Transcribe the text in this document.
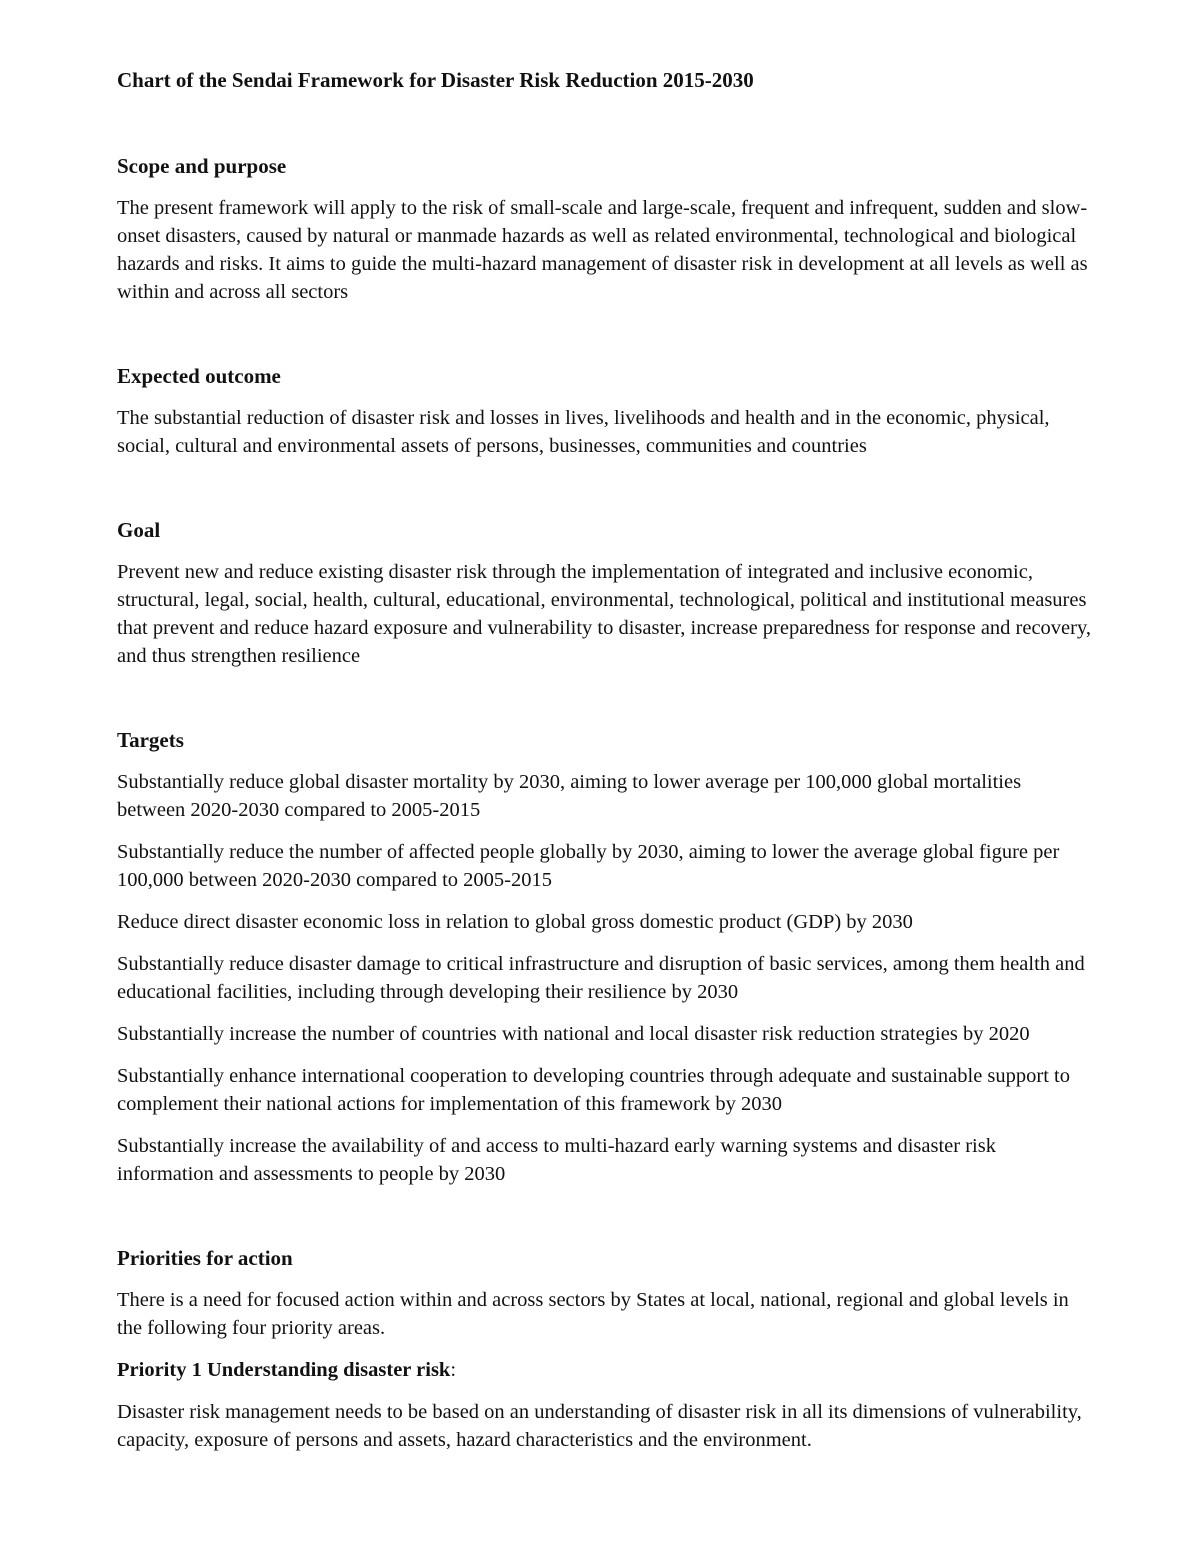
Chart of the Sendai Framework for Disaster Risk Reduction 2015-2030

Scope and purpose

The present framework will apply to the risk of small-scale and large-scale, frequent and infrequent, sudden and slow-onset disasters, caused by natural or manmade hazards as well as related environmental, technological and biological hazards and risks. It aims to guide the multi-hazard management of disaster risk in development at all levels as well as within and across all sectors

Expected outcome

The substantial reduction of disaster risk and losses in lives, livelihoods and health and in the economic, physical, social, cultural and environmental assets of persons, businesses, communities and countries

Goal

Prevent new and reduce existing disaster risk through the implementation of integrated and inclusive economic, structural, legal, social, health, cultural, educational, environmental, technological, political and institutional measures that prevent and reduce hazard exposure and vulnerability to disaster, increase preparedness for response and recovery, and thus strengthen resilience

Targets

Substantially reduce global disaster mortality by 2030, aiming to lower average per 100,000 global mortalities between 2020-2030 compared to 2005-2015

Substantially reduce the number of affected people globally by 2030, aiming to lower the average global figure per 100,000 between 2020-2030 compared to 2005-2015

Reduce direct disaster economic loss in relation to global gross domestic product (GDP) by 2030

Substantially reduce disaster damage to critical infrastructure and disruption of basic services, among them health and educational facilities, including through developing their resilience by 2030

Substantially increase the number of countries with national and local disaster risk reduction strategies by 2020

Substantially enhance international cooperation to developing countries through adequate and sustainable support to complement their national actions for implementation of this framework by 2030

Substantially increase the availability of and access to multi-hazard early warning systems and disaster risk information and assessments to people by 2030

Priorities for action

There is a need for focused action within and across sectors by States at local, national, regional and global levels in the following four priority areas.

Priority 1 Understanding disaster risk:

Disaster risk management needs to be based on an understanding of disaster risk in all its dimensions of vulnerability, capacity, exposure of persons and assets, hazard characteristics and the environment.
